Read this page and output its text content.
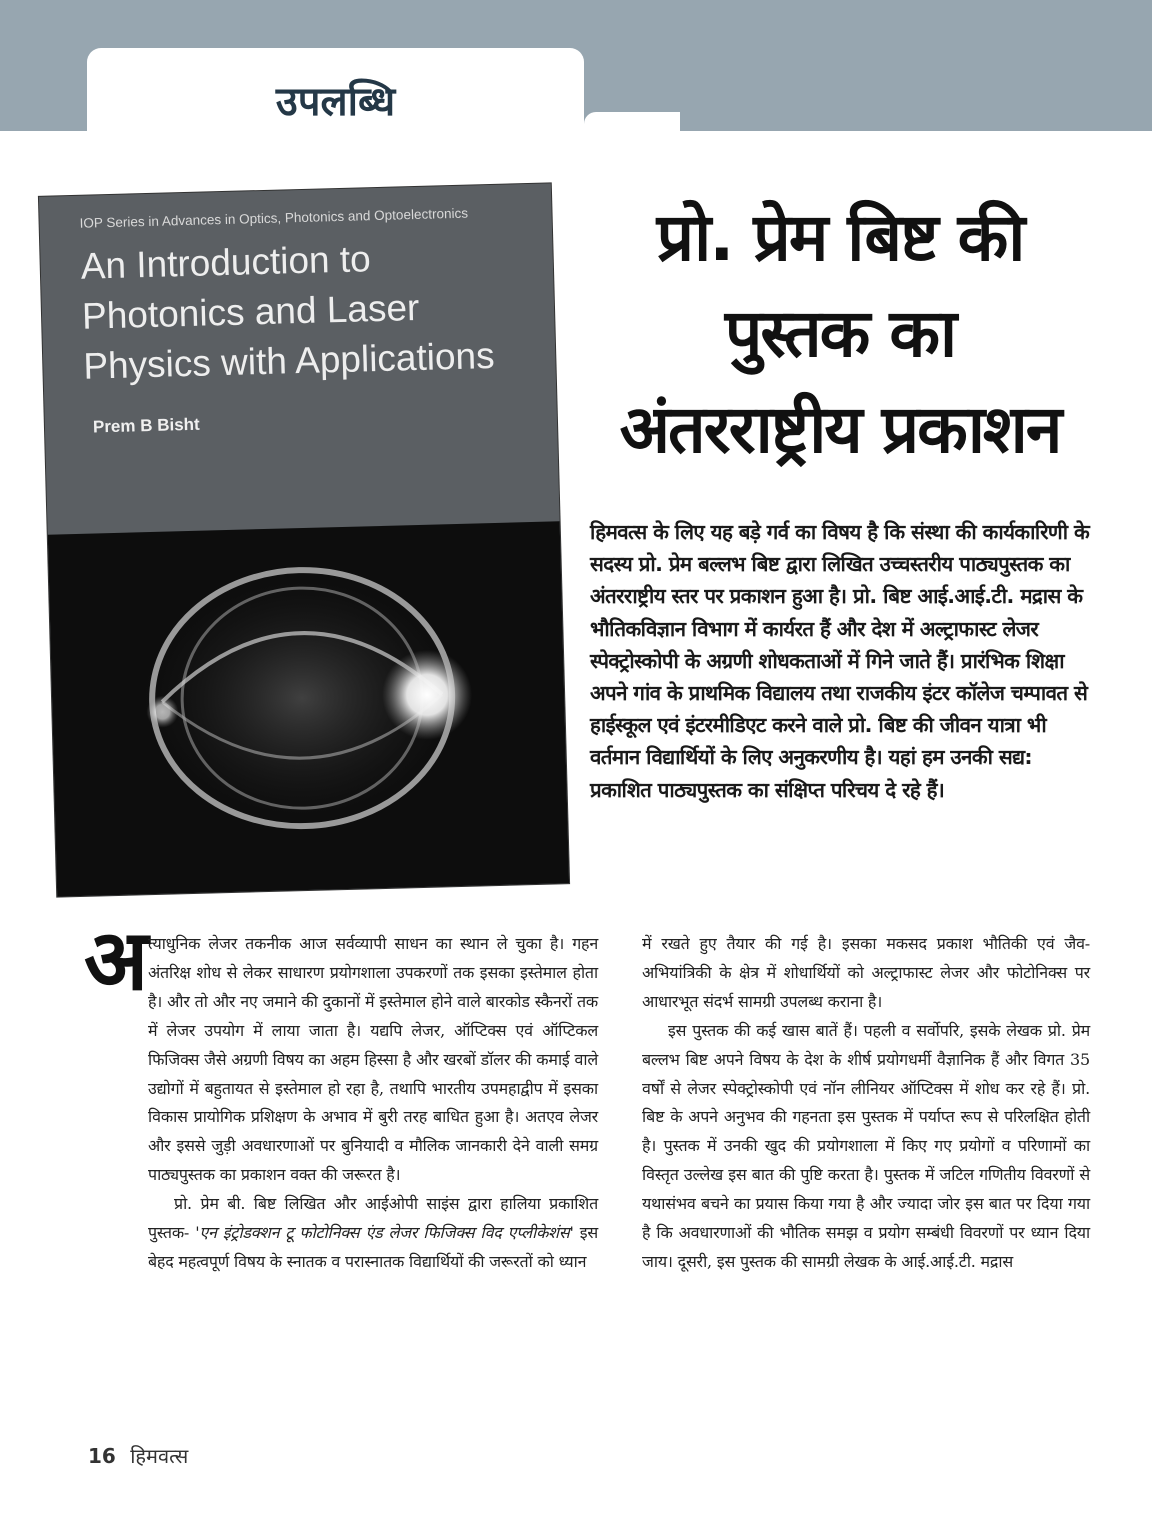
उपलब्धि
IOP Series in Advances in Optics, Photonics and Optoelectronics
An Introduction to
Photonics and Laser
Physics with Applications
Prem B Bisht
प्रो. प्रेम बिष्ट की
पुस्तक का
अंतरराष्ट्रीय प्रकाशन
हिमवत्स के लिए यह बड़े गर्व का विषय है कि संस्था की कार्यकारिणी के सदस्य प्रो. प्रेम बल्लभ बिष्ट द्वारा लिखित उच्चस्तरीय पाठ्यपुस्तक का अंतरराष्ट्रीय स्तर पर प्रकाशन हुआ है। प्रो. बिष्ट आई.आई.टी. मद्रास के भौतिकविज्ञान विभाग में कार्यरत हैं और देश में अल्ट्राफास्ट लेजर स्पेक्ट्रोस्कोपी के अग्रणी शोधकताओं में गिने जाते हैं। प्रारंभिक शिक्षा अपने गांव के प्राथमिक विद्यालय तथा राजकीय इंटर कॉलेज चम्पावत से हाईस्कूल एवं इंटरमीडिएट करने वाले प्रो. बिष्ट की जीवन यात्रा भी वर्तमान विद्यार्थियों के लिए अनुकरणीय है। यहां हम उनकी सद्य: प्रकाशित पाठ्यपुस्तक का संक्षिप्त परिचय दे रहे हैं।
अ त्याधुनिक लेजर तकनीक आज सर्वव्यापी साधन का स्थान ले चुका है। गहन अंतरिक्ष शोध से लेकर साधारण प्रयोगशाला उपकरणों तक इसका इस्तेमाल होता है। और तो और नए जमाने की दुकानों में इस्तेमाल होने वाले बारकोड स्कैनरों तक में लेजर उपयोग में लाया जाता है। यद्यपि लेजर, ऑप्टिक्स एवं ऑप्टिकल फिजिक्स जैसे अग्रणी विषय का अहम हिस्सा है और खरबों डॉलर की कमाई वाले उद्योगों में बहुतायत से इस्तेमाल हो रहा है, तथापि भारतीय उपमहाद्वीप में इसका विकास प्रायोगिक प्रशिक्षण के अभाव में बुरी तरह बाधित हुआ है। अतएव लेजर और इससे जुड़ी अवधारणाओं पर बुनियादी व मौलिक जानकारी देने वाली समग्र पाठ्यपुस्तक का प्रकाशन वक्त की जरूरत है।

प्रो. प्रेम बी. बिष्ट लिखित और आईओपी साइंस द्वारा हालिया प्रकाशित पुस्तक- 'एन इंट्रोडक्शन टू फोटोनिक्स एंड लेजर फिजिक्स विद एप्लीकेशंस' इस बेहद महत्वपूर्ण विषय के स्नातक व परास्नातक विद्यार्थियों की जरूरतों को ध्यान

में रखते हुए तैयार की गई है। इसका मकसद प्रकाश भौतिकी एवं जैव-अभियांत्रिकी के क्षेत्र में शोधार्थियों को अल्ट्राफास्ट लेजर और फोटोनिक्स पर आधारभूत संदर्भ सामग्री उपलब्ध कराना है।

इस पुस्तक की कई खास बातें हैं। पहली व सर्वोपरि, इसके लेखक प्रो. प्रेम बल्लभ बिष्ट अपने विषय के देश के शीर्ष प्रयोगधर्मी वैज्ञानिक हैं और विगत 35 वर्षों से लेजर स्पेक्ट्रोस्कोपी एवं नॉन लीनियर ऑप्टिक्स में शोध कर रहे हैं। प्रो. बिष्ट के अपने अनुभव की गहनता इस पुस्तक में पर्याप्त रूप से परिलक्षित होती है। पुस्तक में उनकी खुद की प्रयोगशाला में किए गए प्रयोगों व परिणामों का विस्तृत उल्लेख इस बात की पुष्टि करता है। पुस्तक में जटिल गणितीय विवरणों से यथासंभव बचने का प्रयास किया गया है और ज्यादा जोर इस बात पर दिया गया है कि अवधारणाओं की भौतिक समझ व प्रयोग सम्बंधी विवरणों पर ध्यान दिया जाय। दूसरी, इस पुस्तक की सामग्री लेखक के आई.आई.टी. मद्रास

16 हिमवत्स
